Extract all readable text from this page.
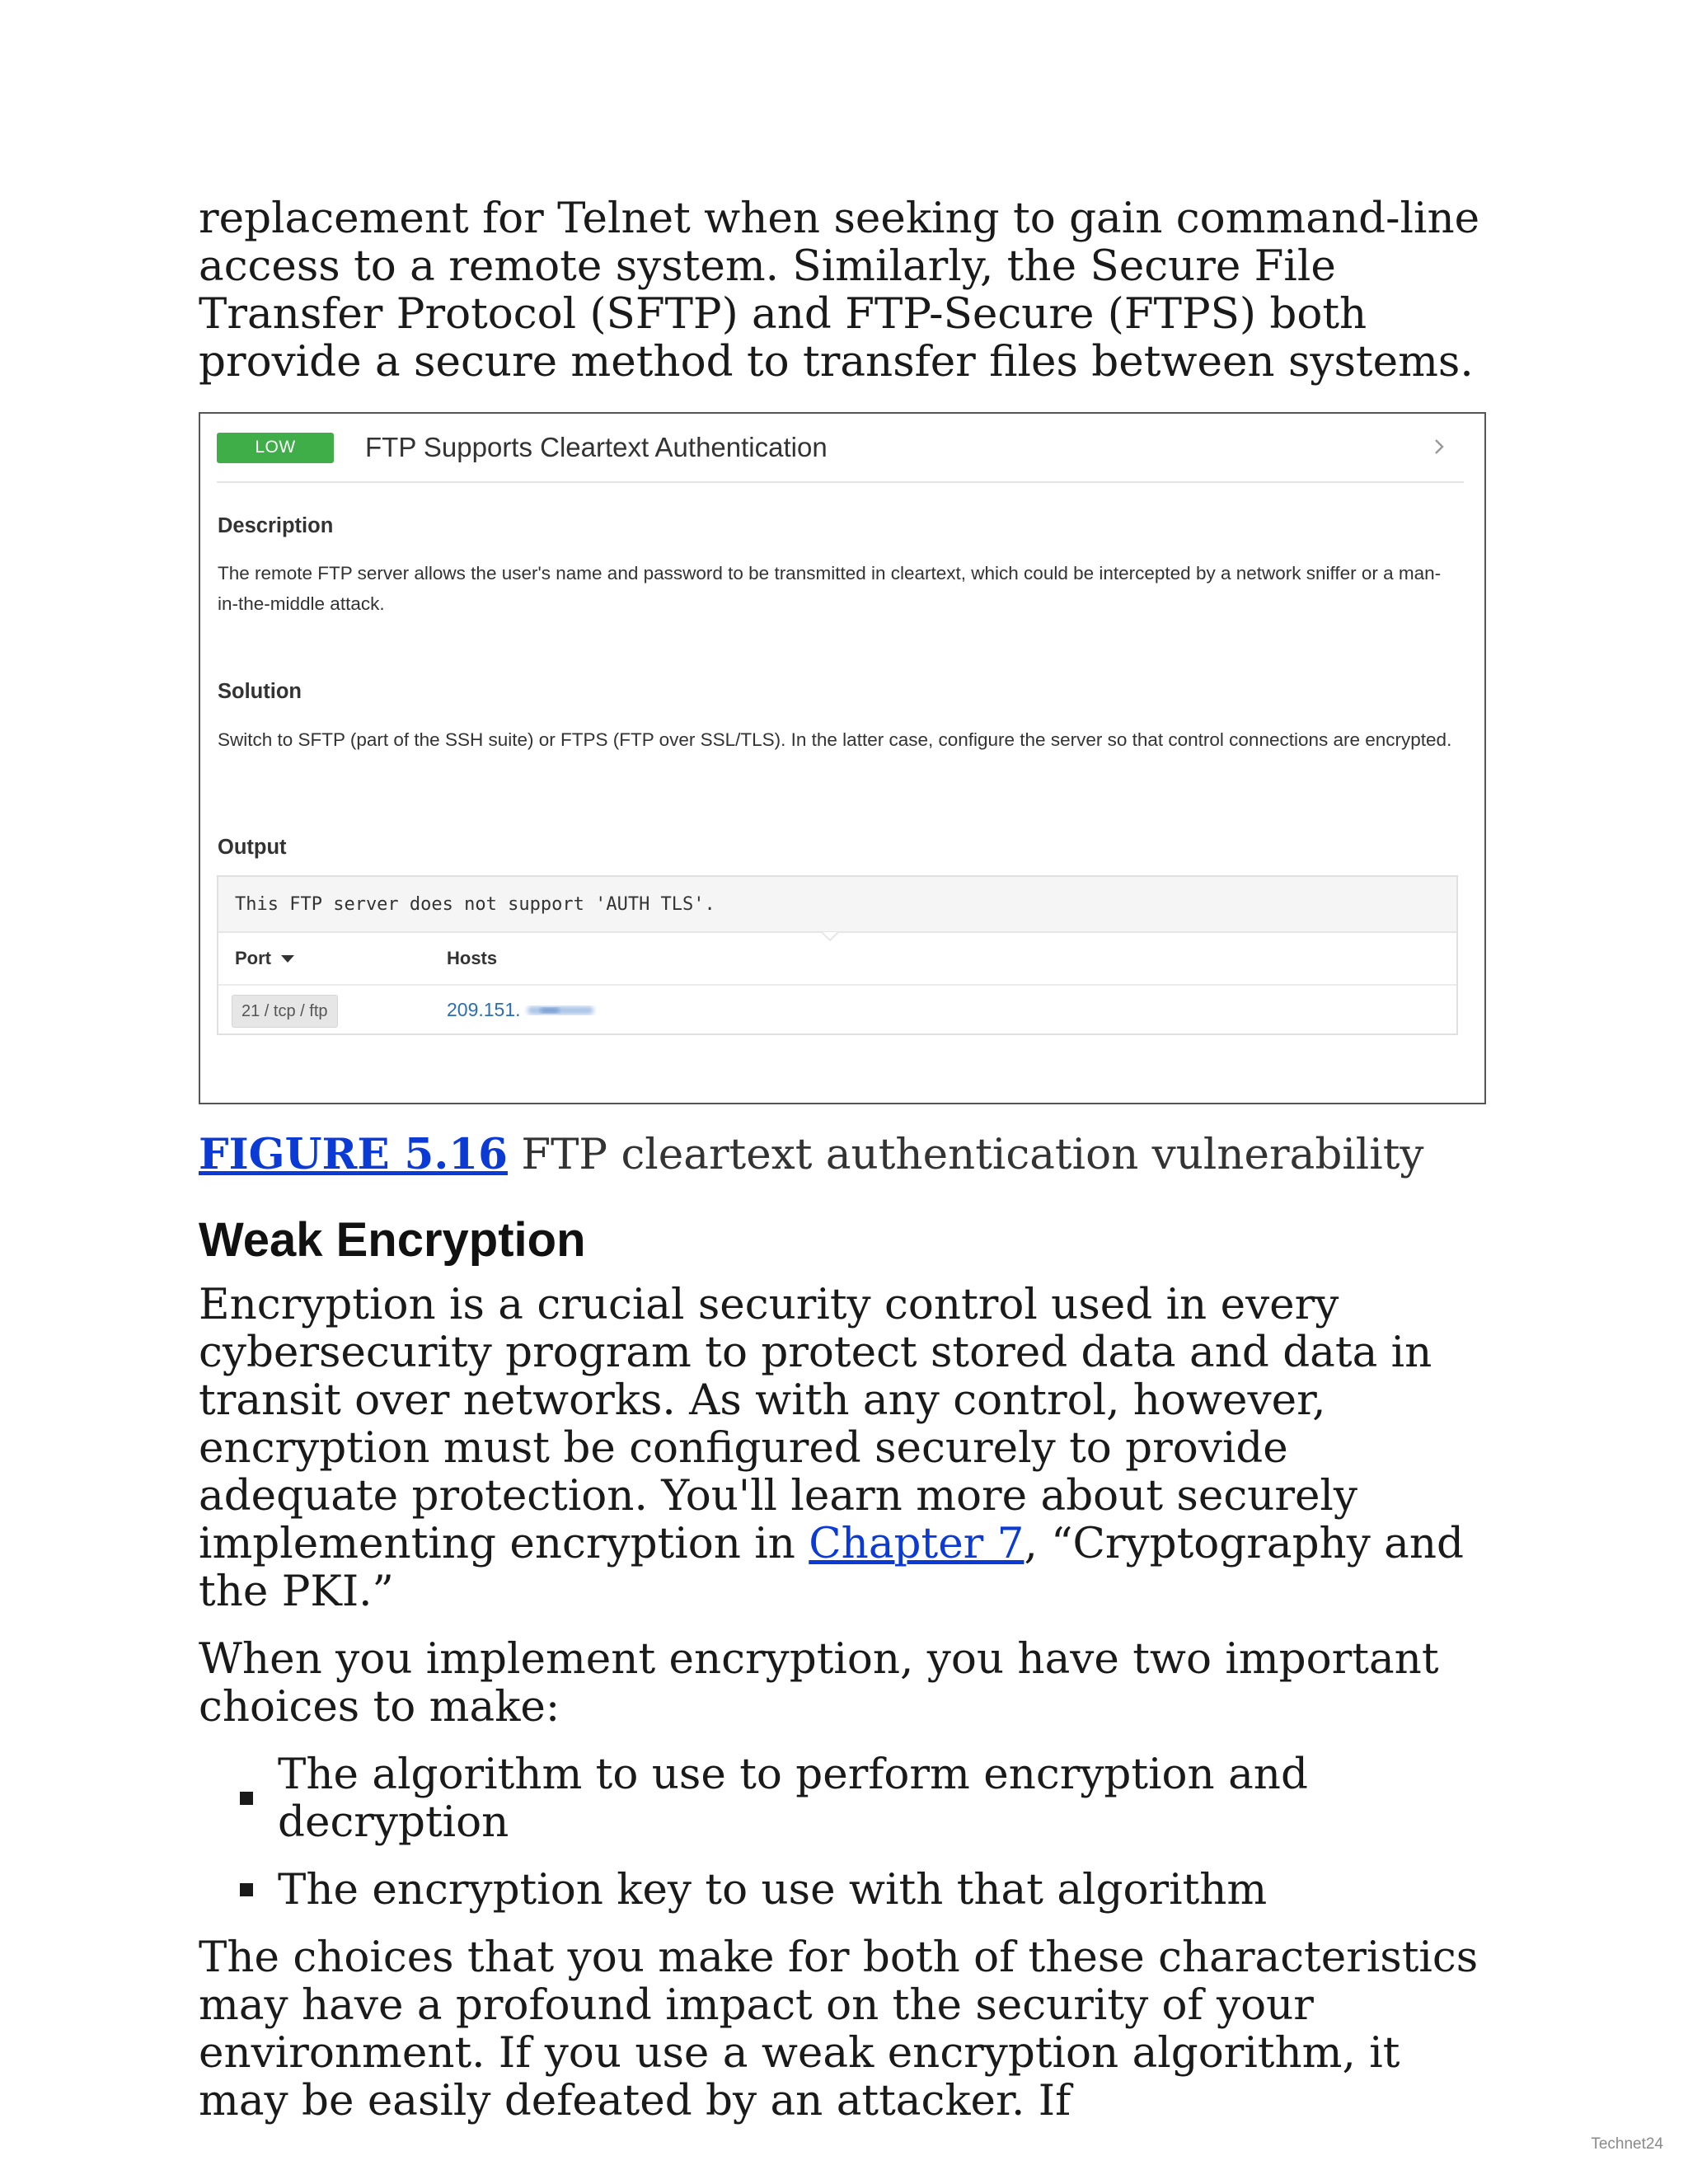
replacement for Telnet when seeking to gain command-line access to a remote system. Similarly, the Secure File Transfer Protocol (SFTP) and FTP-Secure (FTPS) both provide a secure method to transfer files between systems.

LOW	FTP Supports Cleartext Authentication
Description
The remote FTP server allows the user's name and password to be transmitted in cleartext, which could be intercepted by a network sniffer or a man-in-the-middle attack.
Solution
Switch to SFTP (part of the SSH suite) or FTPS (FTP over SSL/TLS). In the latter case, configure the server so that control connections are encrypted.
Output
This FTP server does not support 'AUTH TLS'.
Port	Hosts
21 / tcp / ftp	209.151.

FIGURE 5.16 FTP cleartext authentication vulnerability

Weak Encryption

Encryption is a crucial security control used in every cybersecurity program to protect stored data and data in transit over networks. As with any control, however, encryption must be configured securely to provide adequate protection. You'll learn more about securely implementing encryption in Chapter 7, “Cryptography and the PKI.”

When you implement encryption, you have two important choices to make:

The algorithm to use to perform encryption and decryption
The encryption key to use with that algorithm

The choices that you make for both of these characteristics may have a profound impact on the security of your environment. If you use a weak encryption algorithm, it may be easily defeated by an attacker. If

Technet24
